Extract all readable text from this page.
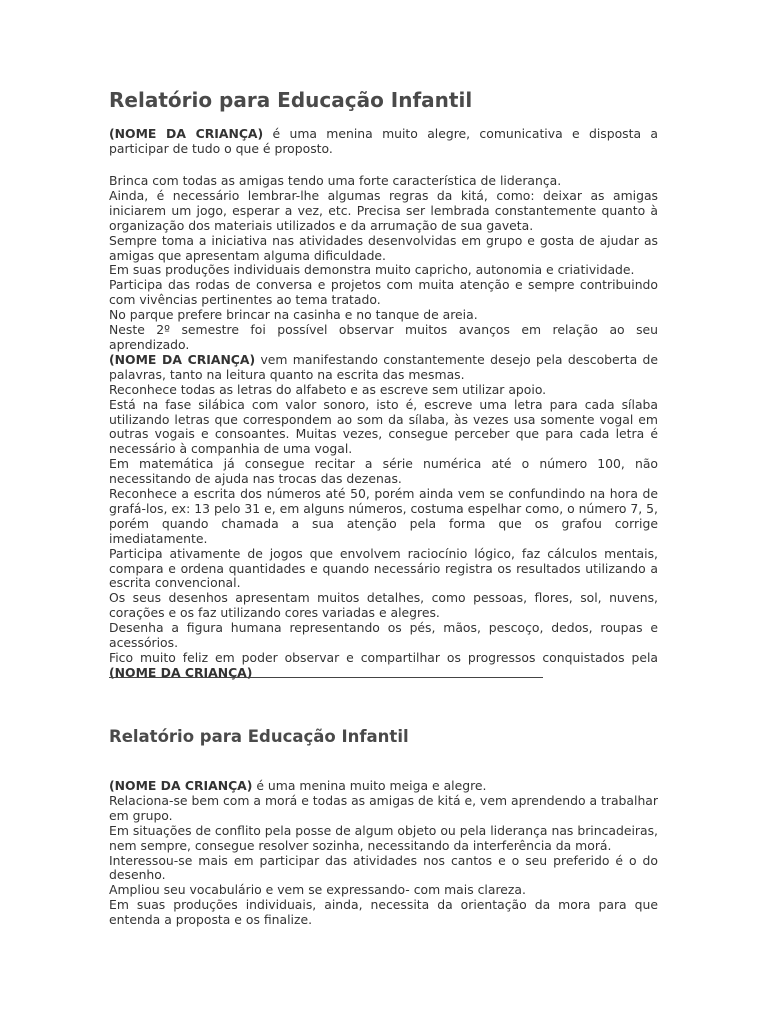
Relatório para Educação Infantil

(NOME DA CRIANÇA) é uma menina muito alegre, comunicativa e disposta a participar de tudo o que é proposto.

Brinca com todas as amigas tendo uma forte característica de liderança.

Ainda, é necessário lembrar-lhe algumas regras da kitá, como: deixar as amigas iniciarem um jogo, esperar a vez, etc. Precisa ser lembrada constantemente quanto à organização dos materiais utilizados e da arrumação de sua gaveta.

Sempre toma a iniciativa nas atividades desenvolvidas em grupo e gosta de ajudar as amigas que apresentam alguma dificuldade.

Em suas produções individuais demonstra muito capricho, autonomia e criatividade.

Participa das rodas de conversa e projetos com muita atenção e sempre contribuindo com vivências pertinentes ao tema tratado.

No parque prefere brincar na casinha e no tanque de areia.

Neste 2º semestre foi possível observar muitos avanços em relação ao seu aprendizado.

(NOME DA CRIANÇA) vem manifestando constantemente desejo pela descoberta de palavras, tanto na leitura quanto na escrita das mesmas.

Reconhece todas as letras do alfabeto e as escreve sem utilizar apoio.

Está na fase silábica com valor sonoro, isto é, escreve uma letra para cada sílaba utilizando letras que correspondem ao som da sílaba, às vezes usa somente vogal em outras vogais e consoantes. Muitas vezes, consegue perceber que para cada letra é necessário à companhia de uma vogal.

Em matemática já consegue recitar a série numérica até o número 100, não necessitando de ajuda nas trocas das dezenas.

Reconhece a escrita dos números até 50, porém ainda vem se confundindo na hora de grafá-los, ex: 13 pelo 31 e, em alguns números, costuma espelhar como, o número 7, 5, porém quando chamada a sua atenção pela forma que os grafou corrige imediatamente.

Participa ativamente de jogos que envolvem raciocínio lógico, faz cálculos mentais, compara e ordena quantidades e quando necessário registra os resultados utilizando a escrita convencional.

Os seus desenhos apresentam muitos detalhes, como pessoas, flores, sol, nuvens, corações e os faz utilizando cores variadas e alegres.

Desenha a figura humana representando os pés, mãos, pescoço, dedos, roupas e acessórios.

Fico muito feliz em poder observar e compartilhar os progressos conquistados pela (NOME DA CRIANÇA)

Relatório para Educação Infantil

(NOME DA CRIANÇA) é uma menina muito meiga e alegre.

Relaciona-se bem com a morá e todas as amigas de kitá e, vem aprendendo a trabalhar em grupo.

Em situações de conflito pela posse de algum objeto ou pela liderança nas brincadeiras, nem sempre, consegue resolver sozinha, necessitando da interferência da morá.

Interessou-se mais em participar das atividades nos cantos e o seu preferido é o do desenho.

Ampliou seu vocabulário e vem se expressando- com mais clareza.

Em suas produções individuais, ainda, necessita da orientação da mora para que entenda a proposta e os finalize.
